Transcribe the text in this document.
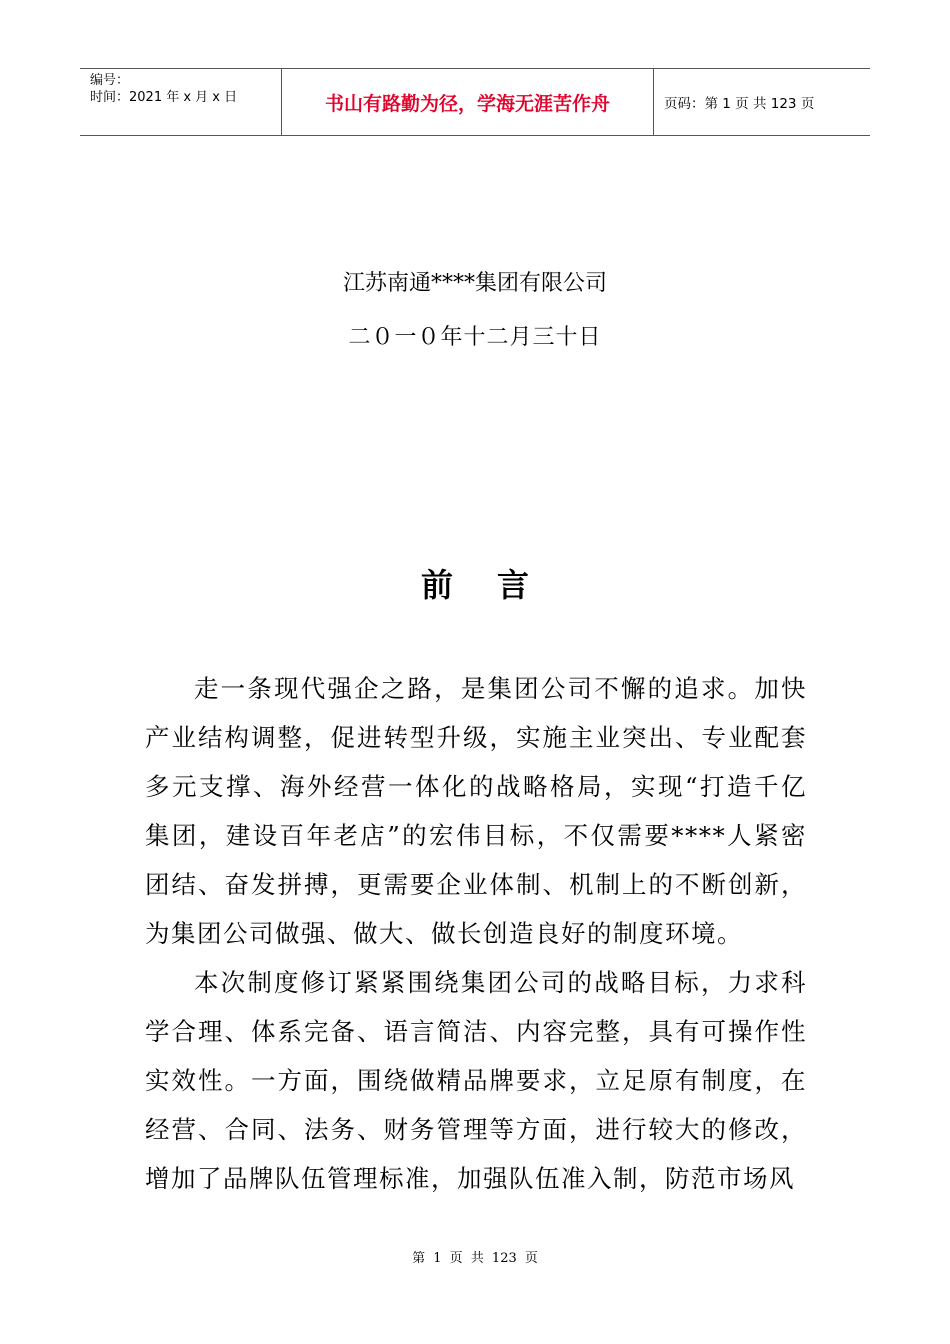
编号：
时间：2021 年 x 月 x 日	书山有路勤为径，学海无涯苦作舟	页码：第 1 页 共 123 页
江苏南通****集团有限公司
二０一０年十二月三十日
前言

走一条现代强企之路，是集团公司不懈的追求。加快产业结构调整，促进转型升级，实施主业突出、专业配套多元支撑、海外经营一体化的战略格局，实现“打造千亿集团，建设百年老店”的宏伟目标，不仅需要****人紧密团结、奋发拼搏，更需要企业体制、机制上的不断创新，为集团公司做强、做大、做长创造良好的制度环境。

本次制度修订紧紧围绕集团公司的战略目标，力求科学合理、体系完备、语言简洁、内容完整，具有可操作性实效性。一方面，围绕做精品牌要求，立足原有制度，在经营、合同、法务、财务管理等方面，进行较大的修改，增加了品牌队伍管理标准，加强队伍准入制，防范市场风

第 1 页 共 123 页
